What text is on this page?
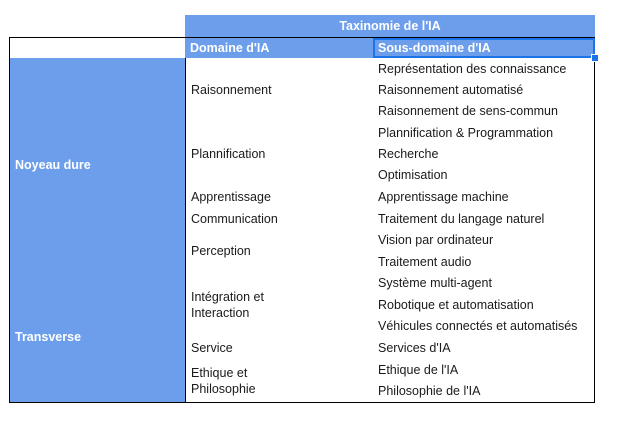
Taxinomie de l'IA
Domaine d'IA	Sous-domaine d'IA
Noyeau dure
Transverse
Raisonnement
Plannification
Apprentissage
Communication
Perception
Intégration et Interaction
Service
Ethique et Philosophie
Représentation des connaissance
Raisonnement automatisé
Raisonnement de sens-commun
Plannification & Programmation
Recherche
Optimisation
Apprentissage machine
Traitement du langage naturel
Vision par ordinateur
Traitement audio
Système multi-agent
Robotique et automatisation
Véhicules connectés et automatisés
Services d'IA
Ethique de l'IA
Philosophie de l'IA
